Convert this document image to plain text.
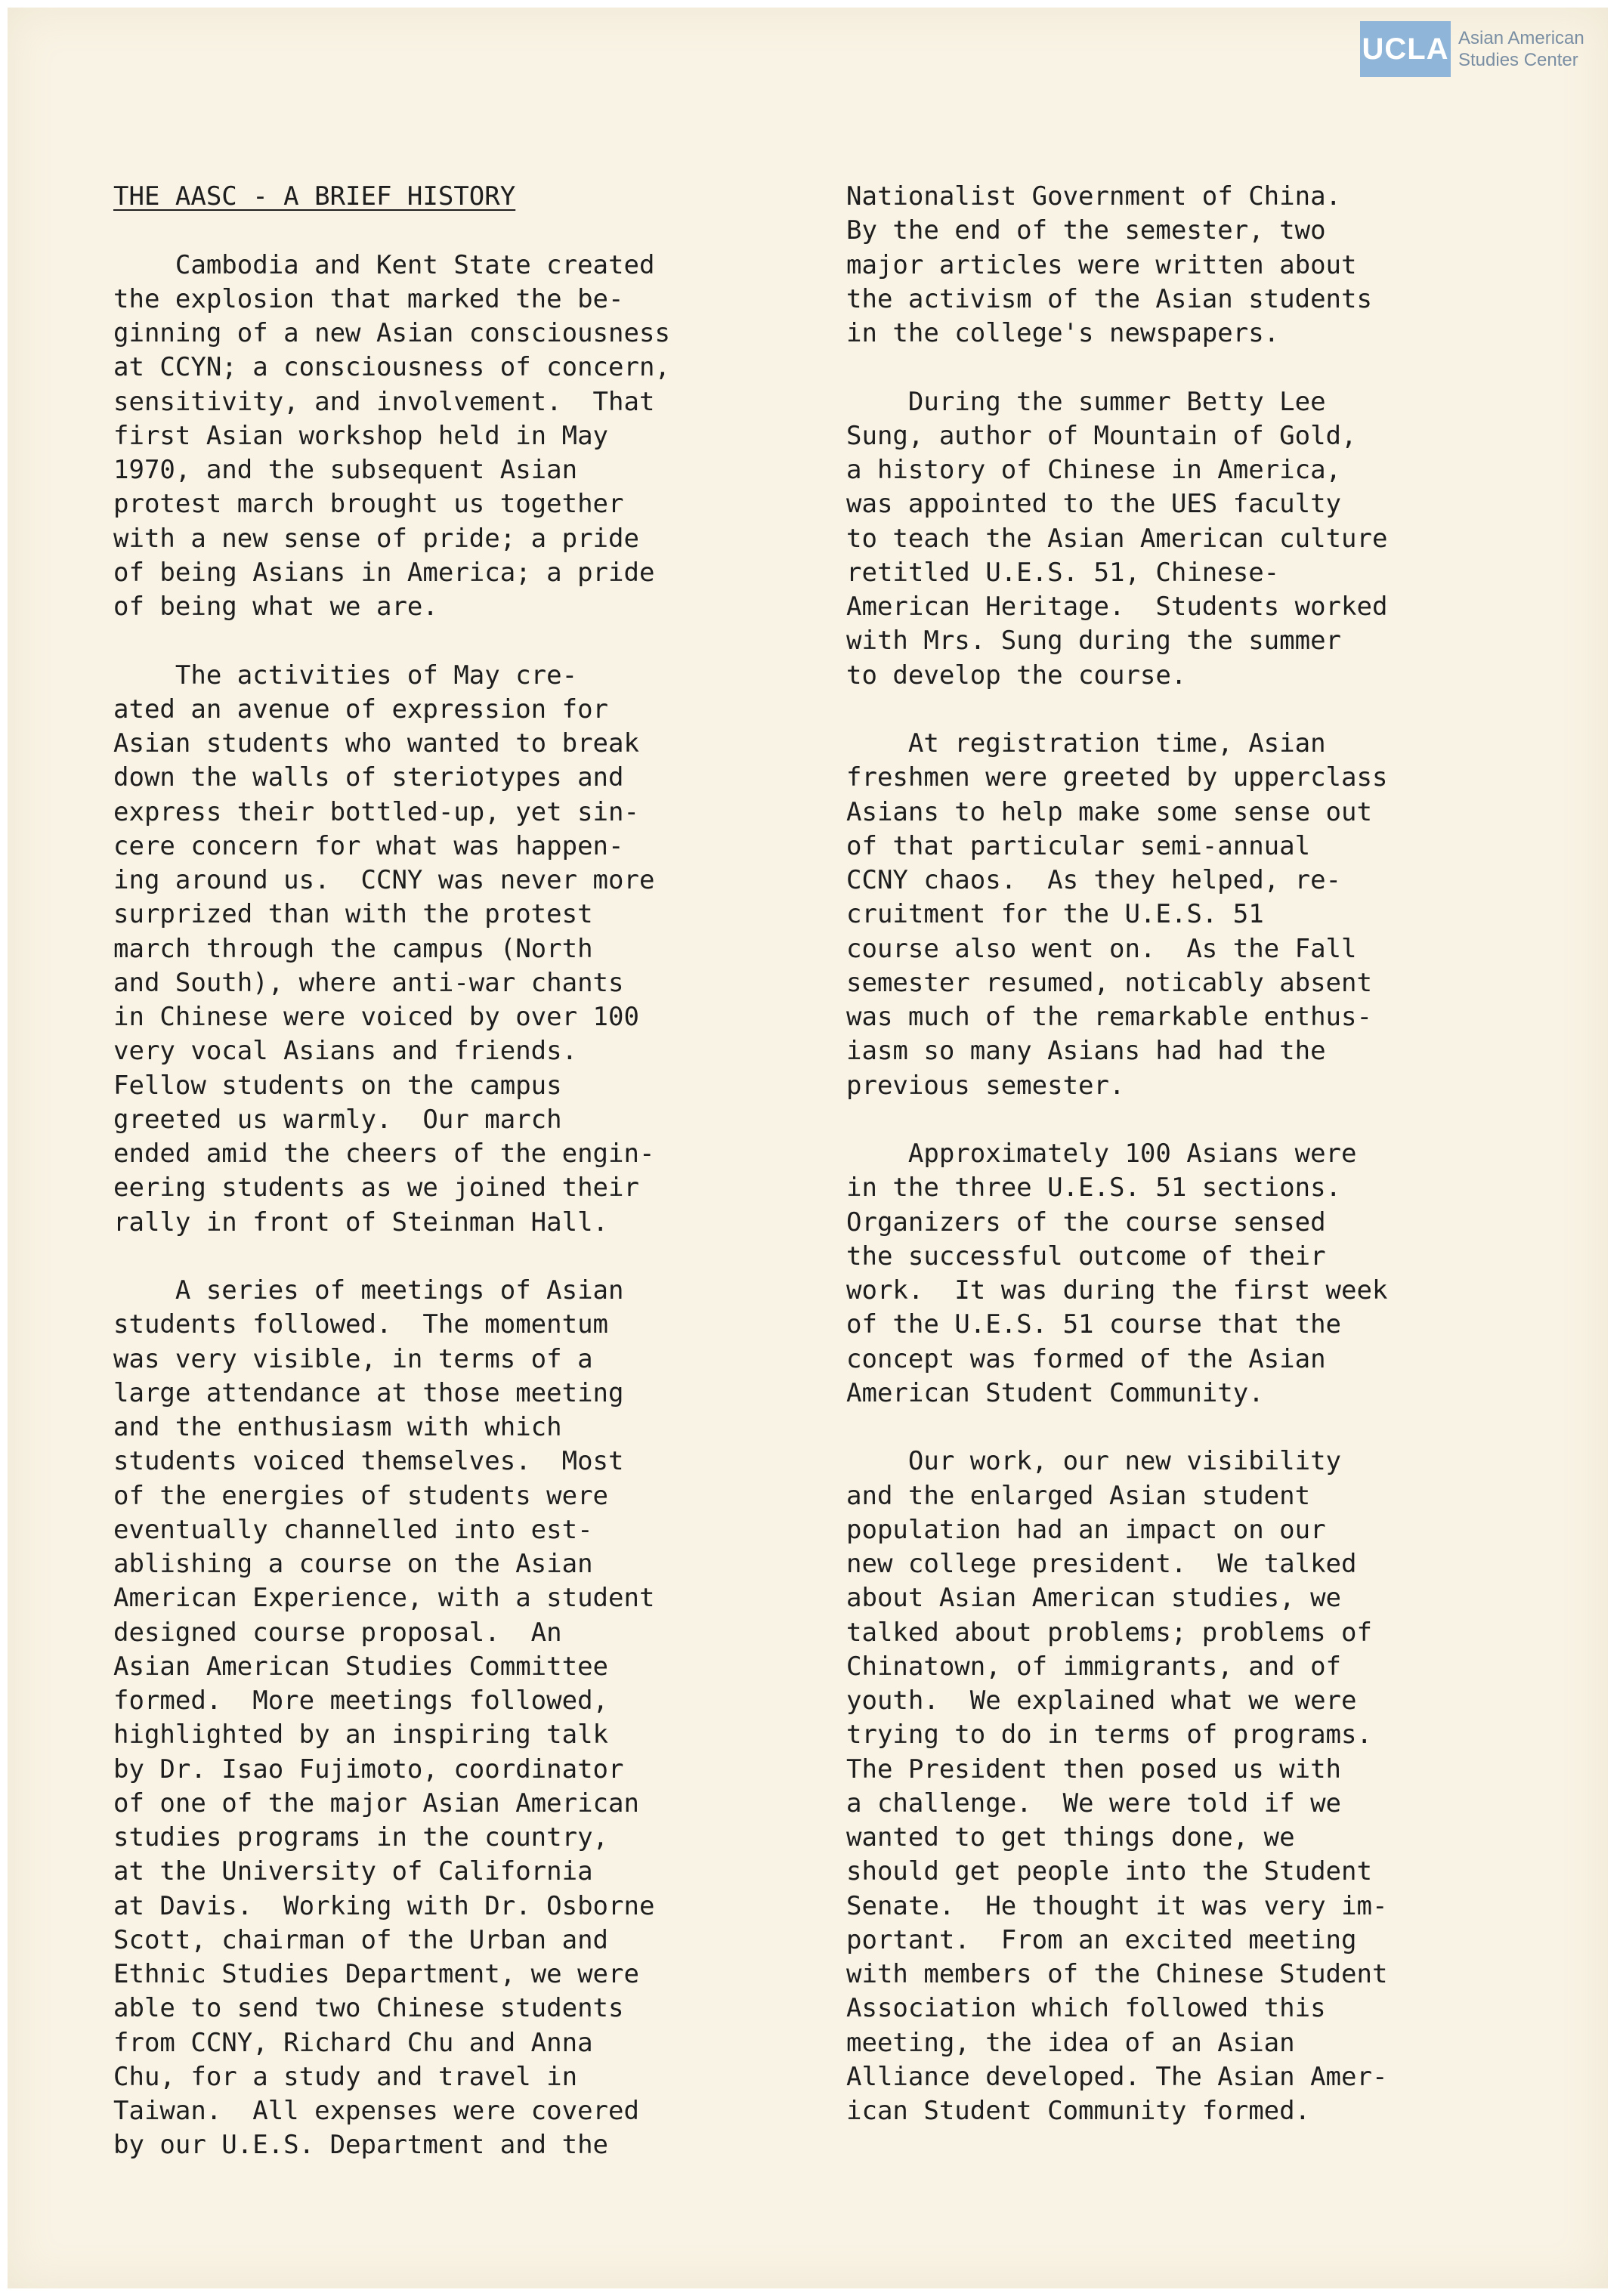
UCLA Asian American
Studies Center
THE AASC - A BRIEF HISTORY
Cambodia and Kent State created
the explosion that marked the be-
ginning of a new Asian consciousness
at CCYN; a consciousness of concern,
sensitivity, and involvement.  That
first Asian workshop held in May
1970, and the subsequent Asian
protest march brought us together
with a new sense of pride; a pride
of being Asians in America; a pride
of being what we are.
The activities of May cre-
ated an avenue of expression for
Asian students who wanted to break
down the walls of steriotypes and
express their bottled-up, yet sin-
cere concern for what was happen-
ing around us.  CCNY was never more
surprized than with the protest
march through the campus (North
and South), where anti-war chants
in Chinese were voiced by over 100
very vocal Asians and friends.
Fellow students on the campus
greeted us warmly.  Our march
ended amid the cheers of the engin-
eering students as we joined their
rally in front of Steinman Hall.
A series of meetings of Asian
students followed.  The momentum
was very visible, in terms of a
large attendance at those meeting
and the enthusiasm with which
students voiced themselves.  Most
of the energies of students were
eventually channelled into est-
ablishing a course on the Asian
American Experience, with a student
designed course proposal.  An
Asian American Studies Committee
formed.  More meetings followed,
highlighted by an inspiring talk
by Dr. Isao Fujimoto, coordinator
of one of the major Asian American
studies programs in the country,
at the University of California
at Davis.  Working with Dr. Osborne
Scott, chairman of the Urban and
Ethnic Studies Department, we were
able to send two Chinese students
from CCNY, Richard Chu and Anna
Chu, for a study and travel in
Taiwan.  All expenses were covered
by our U.E.S. Department and the
Nationalist Government of China.
By the end of the semester, two
major articles were written about
the activism of the Asian students
in the college's newspapers.
During the summer Betty Lee
Sung, author of Mountain of Gold,
a history of Chinese in America,
was appointed to the UES faculty
to teach the Asian American culture
retitled U.E.S. 51, Chinese-
American Heritage.  Students worked
with Mrs. Sung during the summer
to develop the course.
At registration time, Asian
freshmen were greeted by upperclass
Asians to help make some sense out
of that particular semi-annual
CCNY chaos.  As they helped, re-
cruitment for the U.E.S. 51
course also went on.  As the Fall
semester resumed, noticably absent
was much of the remarkable enthus-
iasm so many Asians had had the
previous semester.
Approximately 100 Asians were
in the three U.E.S. 51 sections.
Organizers of the course sensed
the successful outcome of their
work.  It was during the first week
of the U.E.S. 51 course that the
concept was formed of the Asian
American Student Community.
Our work, our new visibility
and the enlarged Asian student
population had an impact on our
new college president.  We talked
about Asian American studies, we
talked about problems; problems of
Chinatown, of immigrants, and of
youth.  We explained what we were
trying to do in terms of programs.
The President then posed us with
a challenge.  We were told if we
wanted to get things done, we
should get people into the Student
Senate.  He thought it was very im-
portant.  From an excited meeting
with members of the Chinese Student
Association which followed this
meeting, the idea of an Asian
Alliance developed. The Asian Amer-
ican Student Community formed.
